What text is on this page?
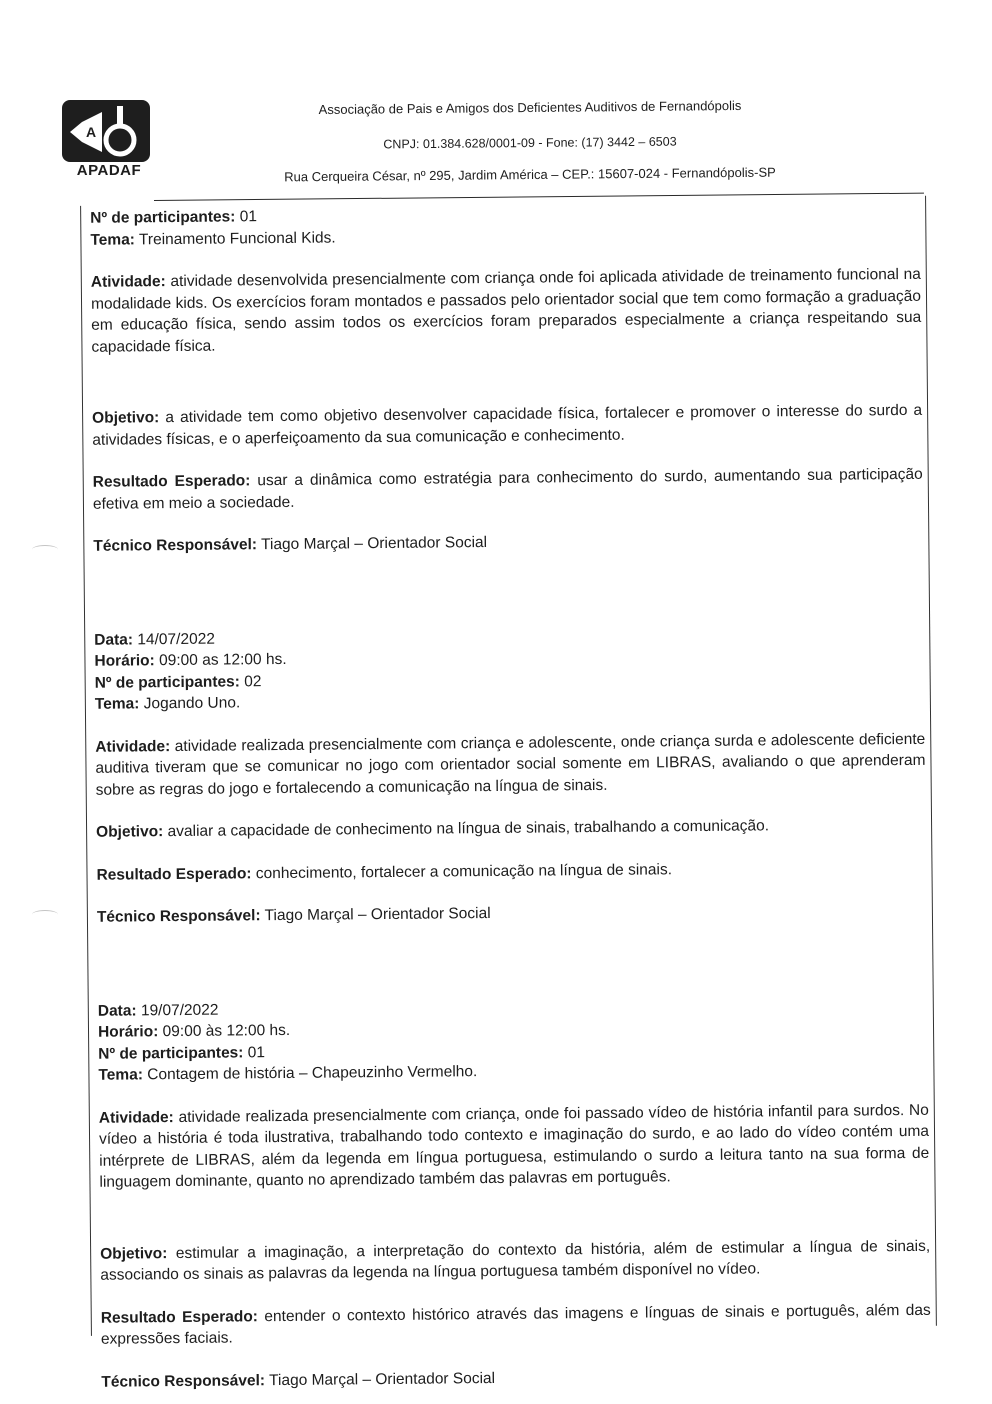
A
APADAF
Associação de Pais e Amigos dos Deficientes Auditivos de Fernandópolis
CNPJ: 01.384.628/0001-09 - Fone: (17) 3442 – 6503
Rua Cerqueira César, nº 295, Jardim América – CEP.: 15607-024 - Fernandópolis-SP

Nº de participantes: 01

Tema: Treinamento Funcional Kids.

Atividade: atividade desenvolvida presencialmente com criança onde foi aplicada atividade de treinamento funcional na modalidade kids. Os exercícios foram montados e passados pelo orientador social que tem como formação a graduação em educação física, sendo assim todos os exercícios foram preparados especialmente a criança respeitando sua capacidade física.

Objetivo: a atividade tem como objetivo desenvolver capacidade física, fortalecer e promover o interesse do surdo a atividades físicas, e o aperfeiçoamento da sua comunicação e conhecimento.

Resultado Esperado: usar a dinâmica como estratégia para conhecimento do surdo, aumentando sua participação efetiva em meio a sociedade.

Técnico Responsável: Tiago Marçal – Orientador Social

Data: 14/07/2022

Horário: 09:00 as 12:00 hs.

Nº de participantes: 02

Tema: Jogando Uno.

Atividade: atividade realizada presencialmente com criança e adolescente, onde criança surda e adolescente deficiente auditiva tiveram que se comunicar no jogo com orientador social somente em LIBRAS, avaliando o que aprenderam sobre as regras do jogo e fortalecendo a comunicação na língua de sinais.

Objetivo: avaliar a capacidade de conhecimento na língua de sinais, trabalhando a comunicação.

Resultado Esperado: conhecimento, fortalecer a comunicação na língua de sinais.

Técnico Responsável: Tiago Marçal – Orientador Social

Data: 19/07/2022

Horário: 09:00 às 12:00 hs.

Nº de participantes: 01

Tema: Contagem de história – Chapeuzinho Vermelho.

Atividade: atividade realizada presencialmente com criança, onde foi passado vídeo de história infantil para surdos. No vídeo a história é toda ilustrativa, trabalhando todo contexto e imaginação do surdo, e ao lado do vídeo contém uma intérprete de LIBRAS, além da legenda em língua portuguesa, estimulando o surdo a leitura tanto na sua forma de linguagem dominante, quanto no aprendizado também das palavras em português.

Objetivo: estimular a imaginação, a interpretação do contexto da história, além de estimular a língua de sinais, associando os sinais as palavras da legenda na língua portuguesa também disponível no vídeo.

Resultado Esperado: entender o contexto histórico através das imagens e línguas de sinais e português, além das expressões faciais.

Técnico Responsável: Tiago Marçal – Orientador Social
